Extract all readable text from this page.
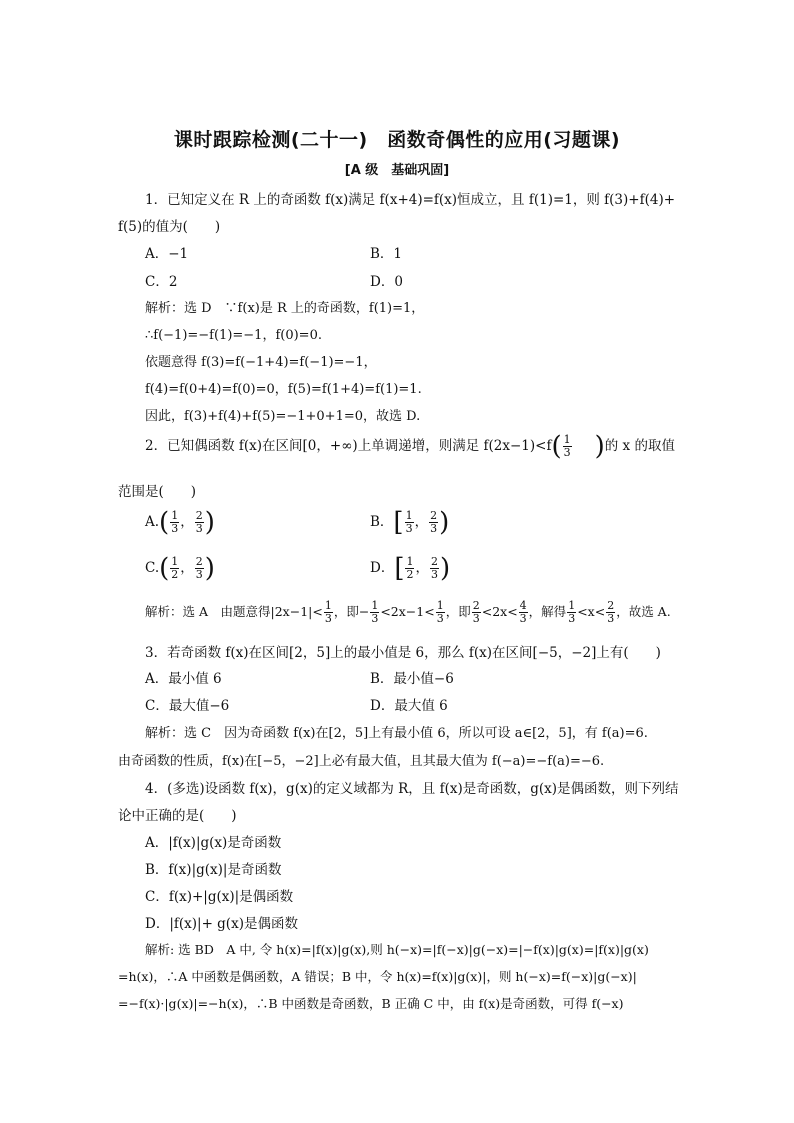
课时跟踪检测(二十一)　函数奇偶性的应用(习题课)
[A 级　基础巩固]
1．已知定义在 R 上的奇函数 f(x)满足 f(x+4)=f(x)恒成立，且 f(1)=1，则 f(3)+f(4)+
f(5)的值为(　　)
A．−1	B．1
C．2	D．0
解析：选 D　∵f(x)是 R 上的奇函数，f(1)=1，
∴f(−1)=−f(1)=−1，f(0)=0.
依题意得 f(3)=f(−1+4)=f(−1)=−1，
f(4)=f(0+4)=f(0)=0，f(5)=f(1+4)=f(1)=1.
因此，f(3)+f(4)+f(5)=−1+0+1=0，故选 D.
2．已知偶函数 f(x)在区间[0，+∞)上单调递增，则满足 $f(2x-1)<f( \frac{1}{3}$ )的 x 的取值
范围是(　　)
$A.( \frac{1}{3}$ ， $\frac{2}{3}$ )	B．[ $\frac{1}{3}$ ， $\frac{2}{3}$ )
$C.( \frac{1}{2}$ ， $\frac{2}{3}$ )	D．[ $\frac{1}{2}$ ， $\frac{2}{3}$ )
解析：选 A　由题意得$|2x-1|< \frac{1}{3}$ ，即− $\frac{1}{3} <2x-1< \frac{1}{3}$ ，即 $\frac{2}{3} <2x< \frac{4}{3}$ ，解得 $\frac{1}{3} <x< \frac{2}{3}$ ，故选 A.
3．若奇函数 f(x)在区间[2，5]上的最小值是 6，那么 f(x)在区间[−5，−2]上有(　　)
A．最小值 6	B．最小值−6
C．最大值−6	D．最大值 6
解析：选 C　因为奇函数 f(x)在[2，5]上有最小值 6，所以可设 a∈[2，5]，有 f(a)=6.
由奇函数的性质，f(x)在[−5，−2]上必有最大值，且其最大值为 f(−a)=−f(a)=−6.
4．(多选)设函数 f(x)，g(x)的定义域都为 R，且 f(x)是奇函数，g(x)是偶函数，则下列结
论中正确的是(　　)
A．|f(x)|g(x)是奇函数
B．f(x)|g(x)|是奇函数
C．f(x)+|g(x)|是偶函数
D．|f(x)|+ g(x)是偶函数
解析: 选 BD　A 中, 令 h(x)=|f(x)|g(x),则 h(−x)=|f(−x)|g(−x)=|−f(x)|g(x)=|f(x)|g(x)
=h(x)，∴A 中函数是偶函数，A 错误；B 中，令 h(x)=f(x)|g(x)|，则 h(−x)=f(−x)|g(−x)|
=−f(x)·|g(x)|=−h(x)，∴B 中函数是奇函数，B 正确 C 中，由 f(x)是奇函数，可得 f(−x)
